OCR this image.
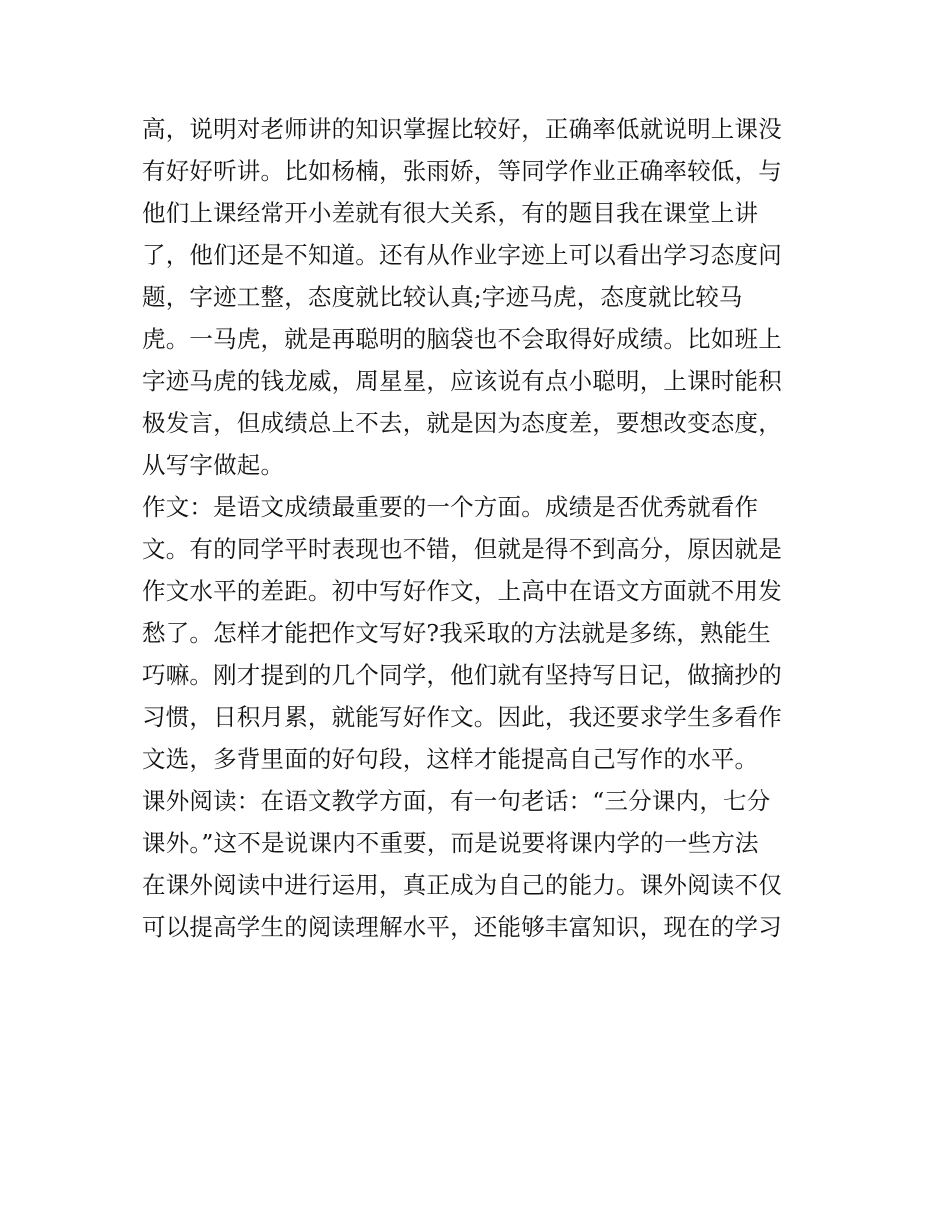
高，说明对老师讲的知识掌握比较好，正确率低就说明上课没
有好好听讲。比如杨楠，张雨娇，等同学作业正确率较低，与
他们上课经常开小差就有很大关系，有的题目我在课堂上讲
了，他们还是不知道。还有从作业字迹上可以看出学习态度问
题，字迹工整，态度就比较认真;字迹马虎，态度就比较马
虎。一马虎，就是再聪明的脑袋也不会取得好成绩。比如班上
字迹马虎的钱龙威，周星星，应该说有点小聪明，上课时能积
极发言，但成绩总上不去，就是因为态度差，要想改变态度，
从写字做起。
作文：是语文成绩最重要的一个方面。成绩是否优秀就看作
文。有的同学平时表现也不错，但就是得不到高分，原因就是
作文水平的差距。初中写好作文，上高中在语文方面就不用发
愁了。怎样才能把作文写好?我采取的方法就是多练，熟能生
巧嘛。刚才提到的几个同学，他们就有坚持写日记，做摘抄的
习惯，日积月累，就能写好作文。因此，我还要求学生多看作
文选，多背里面的好句段，这样才能提高自己写作的水平。
课外阅读：在语文教学方面，有一句老话：“三分课内，七分
课外。”这不是说课内不重要，而是说要将课内学的一些方法
在课外阅读中进行运用，真正成为自己的能力。课外阅读不仅
可以提高学生的阅读理解水平，还能够丰富知识，现在的学习
